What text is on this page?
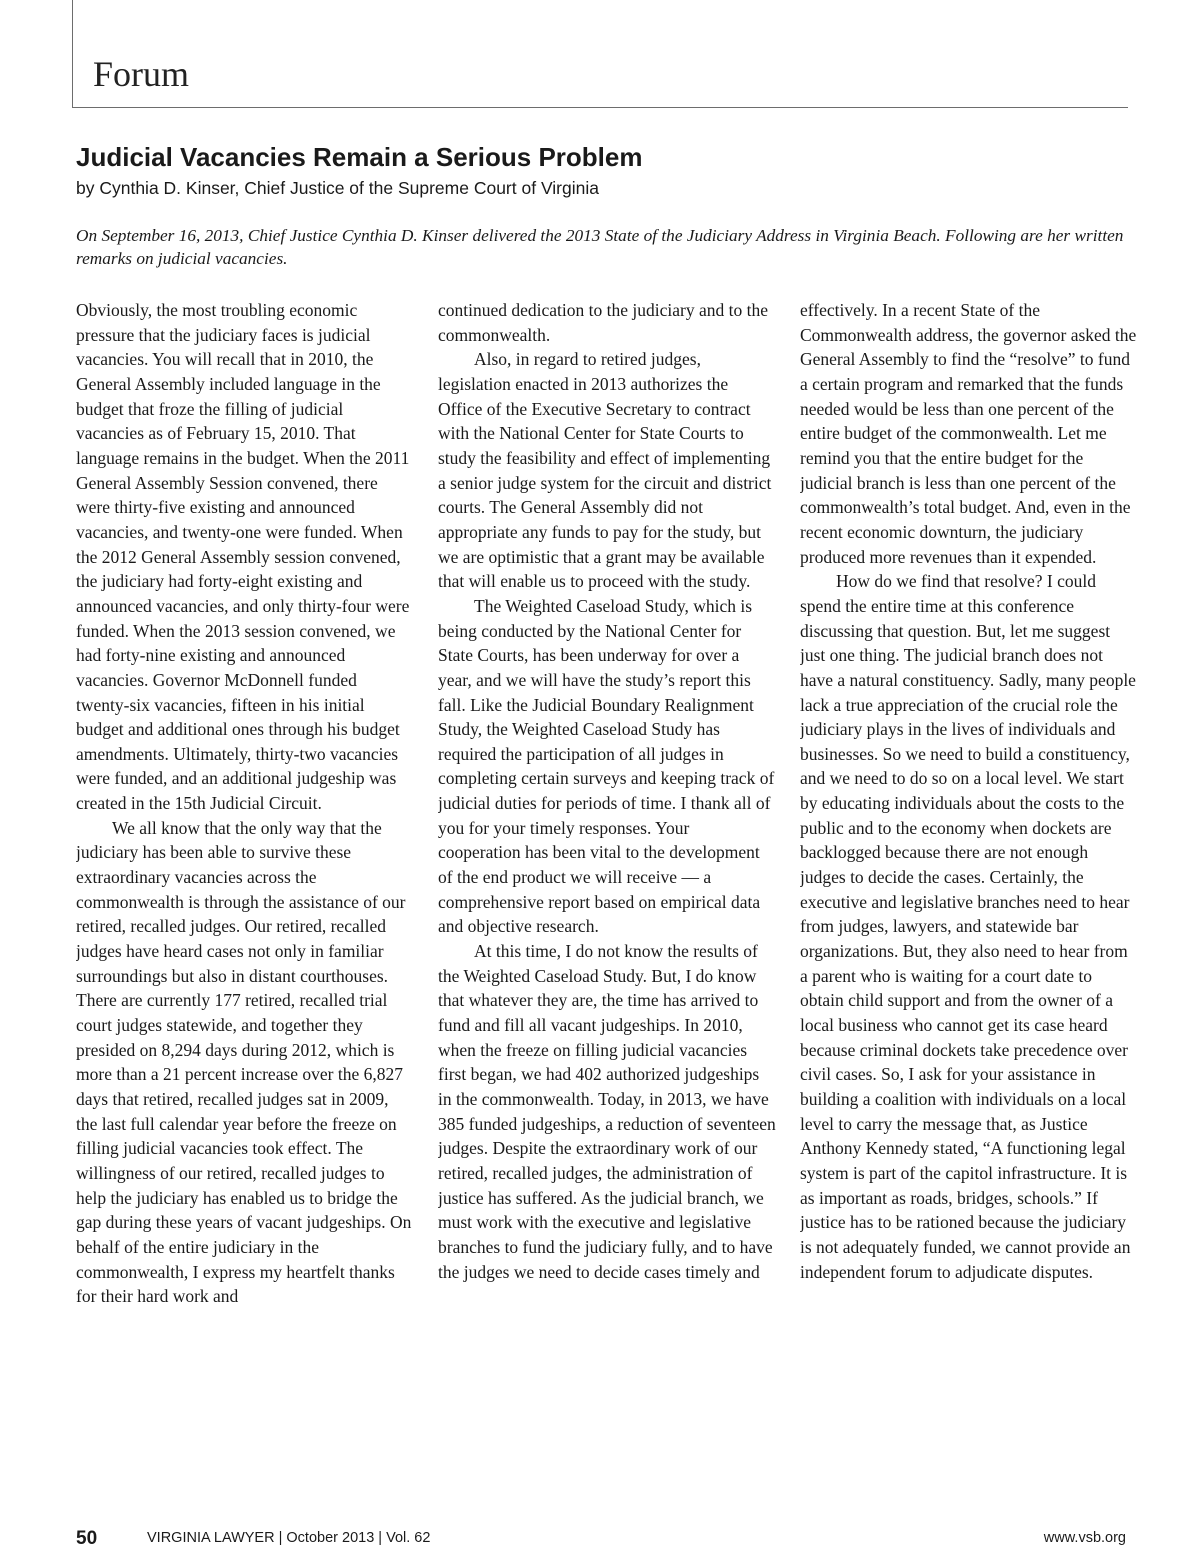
Forum
Judicial Vacancies Remain a Serious Problem

by Cynthia D. Kinser, Chief Justice of the Supreme Court of Virginia

On September 16, 2013, Chief Justice Cynthia D. Kinser delivered the 2013 State of the Judiciary Address in Virginia Beach. Following are her written remarks on judicial vacancies.

Obviously, the most troubling economic pressure that the judiciary faces is judicial vacancies. You will recall that in 2010, the General Assembly included language in the budget that froze the filling of judicial vacancies as of February 15, 2010. That language remains in the budget. When the 2011 General Assembly Session convened, there were thirty-five existing and announced vacancies, and twenty-one were funded. When the 2012 General Assembly session convened, the judiciary had forty-eight existing and announced vacancies, and only thirty-four were funded. When the 2013 session convened, we had forty-nine existing and announced vacancies. Governor McDonnell funded twenty-six vacancies, fifteen in his initial budget and additional ones through his budget amendments. Ultimately, thirty-two vacancies were funded, and an additional judgeship was created in the 15th Judicial Circuit.

We all know that the only way that the judiciary has been able to survive these extraordinary vacancies across the commonwealth is through the assistance of our retired, recalled judges. Our retired, recalled judges have heard cases not only in familiar surroundings but also in distant courthouses. There are currently 177 retired, recalled trial court judges statewide, and together they presided on 8,294 days during 2012, which is more than a 21 percent increase over the 6,827 days that retired, recalled judges sat in 2009, the last full calendar year before the freeze on filling judicial vacancies took effect. The willingness of our retired, recalled judges to help the judiciary has enabled us to bridge the gap during these years of vacant judgeships. On behalf of the entire judiciary in the commonwealth, I express my heartfelt thanks for their hard work and

continued dedication to the judiciary and to the commonwealth.

Also, in regard to retired judges, legislation enacted in 2013 authorizes the Office of the Executive Secretary to contract with the National Center for State Courts to study the feasibility and effect of implementing a senior judge system for the circuit and district courts. The General Assembly did not appropriate any funds to pay for the study, but we are optimistic that a grant may be available that will enable us to proceed with the study.

The Weighted Caseload Study, which is being conducted by the National Center for State Courts, has been underway for over a year, and we will have the study’s report this fall. Like the Judicial Boundary Realignment Study, the Weighted Caseload Study has required the participation of all judges in completing certain surveys and keeping track of judicial duties for periods of time. I thank all of you for your timely responses. Your cooperation has been vital to the development of the end product we will receive — a comprehensive report based on empirical data and objective research.

At this time, I do not know the results of the Weighted Caseload Study. But, I do know that whatever they are, the time has arrived to fund and fill all vacant judgeships. In 2010, when the freeze on filling judicial vacancies first began, we had 402 authorized judgeships in the commonwealth. Today, in 2013, we have 385 funded judgeships, a reduction of seventeen judges. Despite the extraordinary work of our retired, recalled judges, the administration of justice has suffered. As the judicial branch, we must work with the executive and legislative branches to fund the judiciary fully, and to have the judges we need to decide cases timely and

effectively. In a recent State of the Commonwealth address, the governor asked the General Assembly to find the “resolve” to fund a certain program and remarked that the funds needed would be less than one percent of the entire budget of the commonwealth. Let me remind you that the entire budget for the judicial branch is less than one percent of the commonwealth’s total budget. And, even in the recent economic downturn, the judiciary produced more revenues than it expended.

How do we find that resolve? I could spend the entire time at this conference discussing that question. But, let me suggest just one thing. The judicial branch does not have a natural constituency. Sadly, many people lack a true appreciation of the crucial role the judiciary plays in the lives of individuals and businesses. So we need to build a constituency, and we need to do so on a local level. We start by educating individuals about the costs to the public and to the economy when dockets are backlogged because there are not enough judges to decide the cases. Certainly, the executive and legislative branches need to hear from judges, lawyers, and statewide bar organizations. But, they also need to hear from a parent who is waiting for a court date to obtain child support and from the owner of a local business who cannot get its case heard because criminal dockets take precedence over civil cases. So, I ask for your assistance in building a coalition with individuals on a local level to carry the message that, as Justice Anthony Kennedy stated, “A functioning legal system is part of the capitol infrastructure. It is as important as roads, bridges, schools.” If justice has to be rationed because the judiciary is not adequately funded, we cannot provide an independent forum to adjudicate disputes.

50	VIRGINIA LAWYER | October 2013 | Vol. 62	www.vsb.org
